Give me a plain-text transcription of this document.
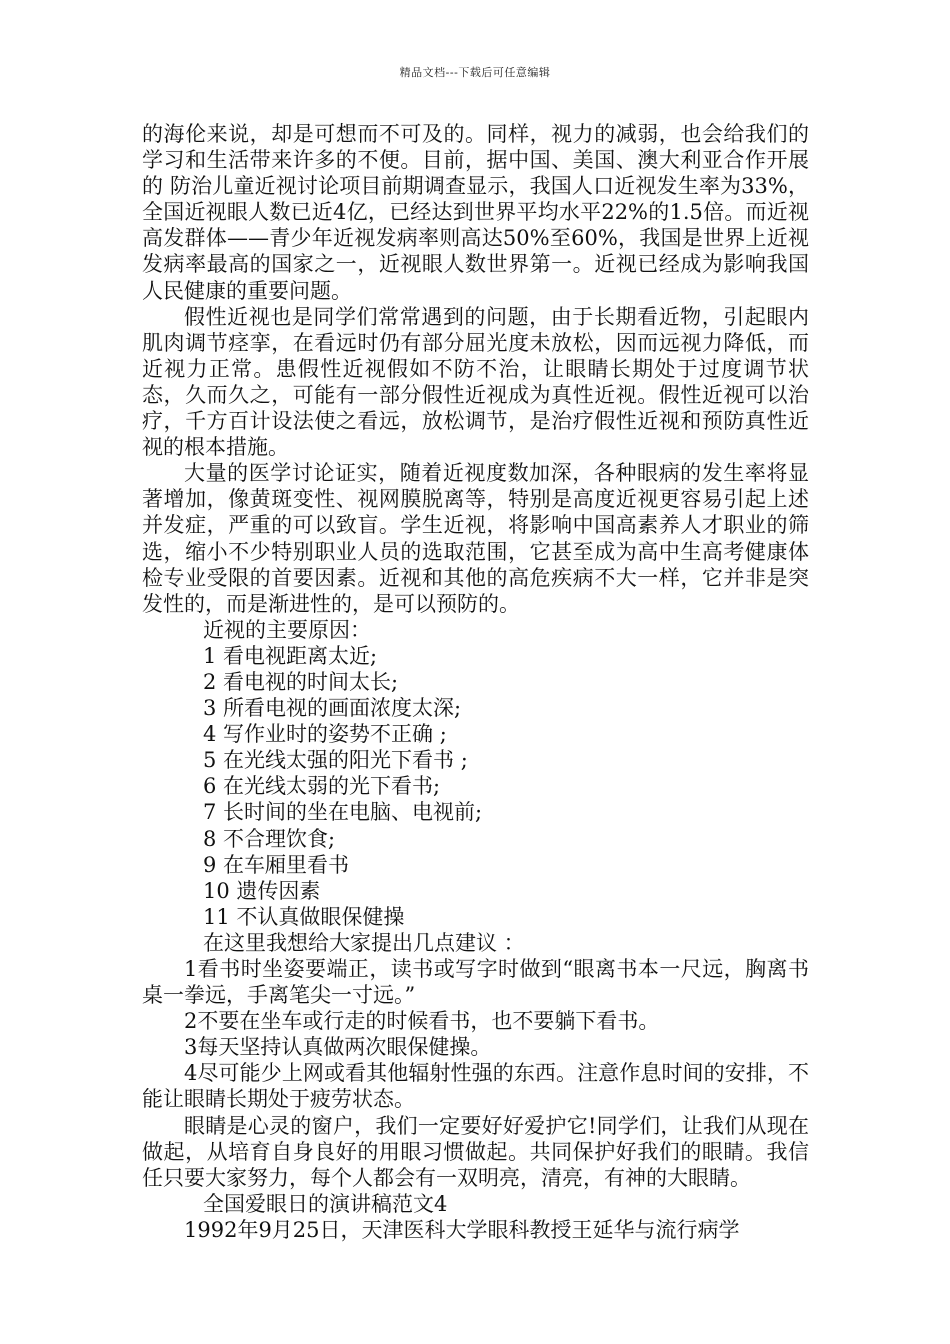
精品文档---下载后可任意编辑

的海伦来说，却是可想而不可及的。同样，视力的减弱，也会给我们的学习和生活带来许多的不便。目前，据中国、美国、澳大利亚合作开展的 防治儿童近视讨论项目前期调查显示，我国人口近视发生率为33%，全国近视眼人数已近4亿，已经达到世界平均水平22%的1.5倍。而近视高发群体——青少年近视发病率则高达50%至60%，我国是世界上近视发病率最高的国家之一，近视眼人数世界第一。近视已经成为影响我国人民健康的重要问题。

假性近视也是同学们常常遇到的问题，由于长期看近物，引起眼内肌肉调节痉挛，在看远时仍有部分屈光度未放松，因而远视力降低，而近视力正常。患假性近视假如不防不治，让眼睛长期处于过度调节状态，久而久之，可能有一部分假性近视成为真性近视。假性近视可以治疗，千方百计设法使之看远，放松调节，是治疗假性近视和预防真性近视的根本措施。

大量的医学讨论证实，随着近视度数加深，各种眼病的发生率将显著增加，像黄斑变性、视网膜脱离等，特别是高度近视更容易引起上述并发症，严重的可以致盲。学生近视，将影响中国高素养人才职业的筛选，缩小不少特别职业人员的选取范围，它甚至成为高中生高考健康体检专业受限的首要因素。近视和其他的高危疾病不大一样，它并非是突发性的，而是渐进性的，是可以预防的。

近视的主要原因：

1 看电视距离太近;

2 看电视的时间太长;

3 所看电视的画面浓度太深;

4 写作业时的姿势不正确 ;

5 在光线太强的阳光下看书 ;

6 在光线太弱的光下看书;

7 长时间的坐在电脑、电视前;

8 不合理饮食;

9 在车厢里看书

10 遗传因素

11 不认真做眼保健操

在这里我想给大家提出几点建议 ：

1看书时坐姿要端正，读书或写字时做到“眼离书本一尺远，胸离书桌一拳远，手离笔尖一寸远。”

2不要在坐车或行走的时候看书，也不要躺下看书。

3每天坚持认真做两次眼保健操。

4尽可能少上网或看其他辐射性强的东西。注意作息时间的安排，不能让眼睛长期处于疲劳状态。

眼睛是心灵的窗户，我们一定要好好爱护它!同学们，让我们从现在做起，从培育自身良好的用眼习惯做起。共同保护好我们的眼睛。我信任只要大家努力，每个人都会有一双明亮，清亮，有神的大眼睛。

全国爱眼日的演讲稿范文4

1992年9月25日，天津医科大学眼科教授王延华与流行病学
